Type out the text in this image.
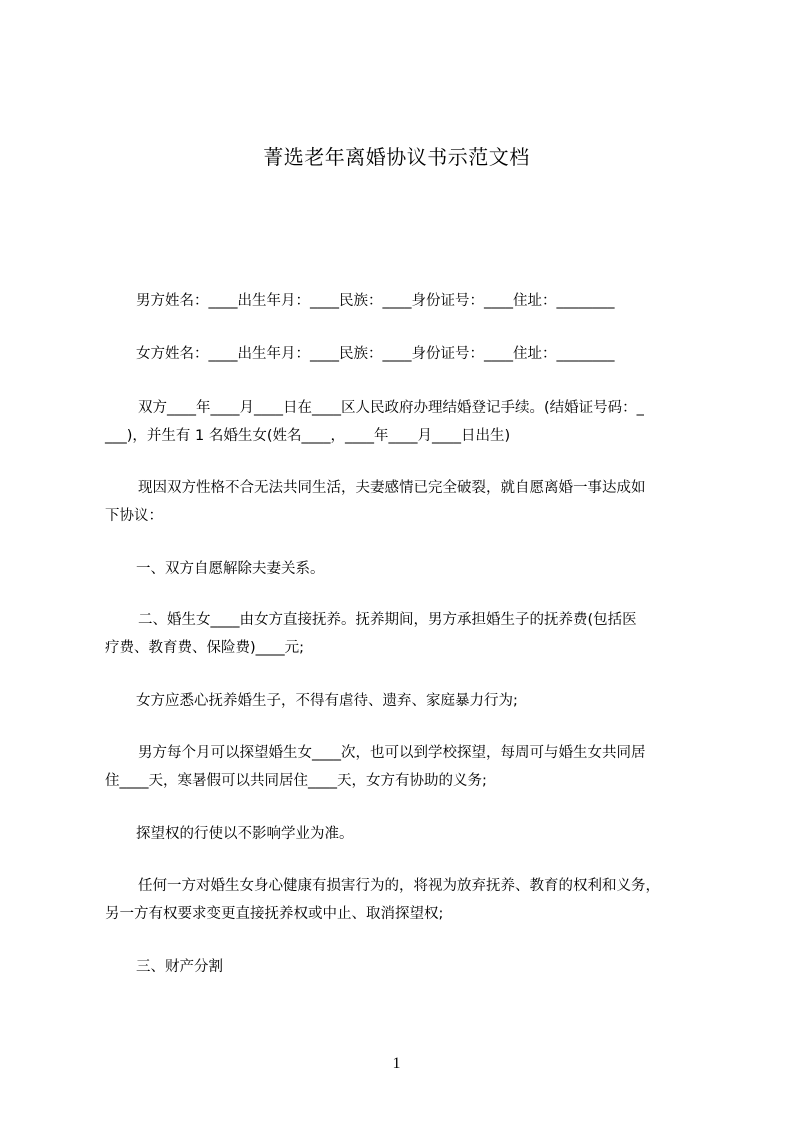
菁选老年离婚协议书示范文档
男方姓名：____出生年月：____民族：____身份证号：____住址：________
女方姓名：____出生年月：____民族：____身份证号：____住址：________
双方____年____月____日在____区人民政府办理结婚登记手续。(结婚证号码：_
___)，并生有 1 名婚生女(姓名____，____年____月____日出生)
现因双方性格不合无法共同生活，夫妻感情已完全破裂，就自愿离婚一事达成如
下协议：
一、双方自愿解除夫妻关系。
二、婚生女____由女方直接抚养。抚养期间，男方承担婚生子的抚养费(包括医
疗费、教育费、保险费)____元;
女方应悉心抚养婚生子，不得有虐待、遗弃、家庭暴力行为;
男方每个月可以探望婚生女____次，也可以到学校探望，每周可与婚生女共同居
住____天，寒暑假可以共同居住____天，女方有协助的义务;
探望权的行使以不影响学业为准。
任何一方对婚生女身心健康有损害行为的，将视为放弃抚养、教育的权利和义务，
另一方有权要求变更直接抚养权或中止、取消探望权;
三、财产分割
1
